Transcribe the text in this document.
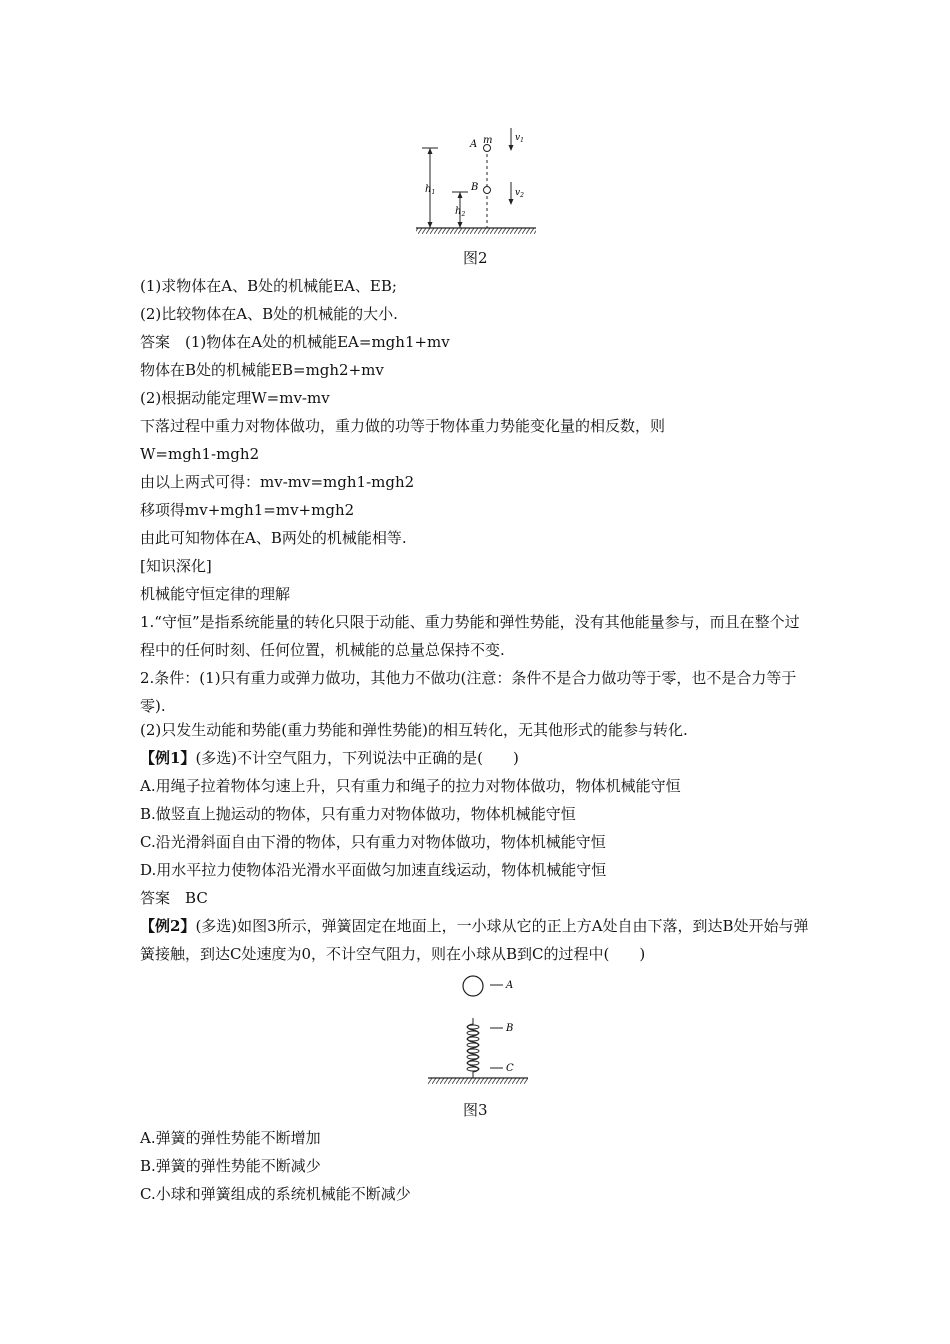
$h_1$
$h_2$
A m
B
$v_1$
$v_2$
图2
(1)求物体在A、B处的机械能EA、EB;
(2)比较物体在A、B处的机械能的大小.
答案　 (1)物体在A处的机械能EA=mgh1+mv
物体在B处的机械能EB=mgh2+mv
(2)根据动能定理W=mv-mv
下落过程中重力对物体做功，重力做的功等于物体重力势能变化量的相反数，则
W=mgh1-mgh2
由以上两式可得：mv-mv=mgh1-mgh2
移项得mv+mgh1=mv+mgh2
由此可知物体在A、B两处的机械能相等.
[知识深化]
机械能守恒定律的理解
1.“守恒”是指系统能量的转化只限于动能、重力势能和弹性势能，没有其他能量参与，而且在整个过程中的任何时刻、任何位置，机械能的总量总保持不变.
2.条件：(1)只有重力或弹力做功，其他力不做功(注意：条件不是合力做功等于零，也不是合力等于零).
(2)只发生动能和势能(重力势能和弹性势能)的相互转化，无其他形式的能参与转化.
【例1】(多选)不计空气阻力，下列说法中正确的是(　　)
A.用绳子拉着物体匀速上升，只有重力和绳子的拉力对物体做功，物体机械能守恒
B.做竖直上抛运动的物体，只有重力对物体做功，物体机械能守恒
C.沿光滑斜面自由下滑的物体，只有重力对物体做功，物体机械能守恒
D.用水平拉力使物体沿光滑水平面做匀加速直线运动，物体机械能守恒
答案　 BC
【例2】(多选)如图3所示，弹簧固定在地面上，一小球从它的正上方A处自由下落，到达B处开始与弹簧接触，到达C处速度为0，不计空气阻力，则在小球从B到C的过程中(　　)
A
B
C
图3
A.弹簧的弹性势能不断增加
B.弹簧的弹性势能不断减少
C.小球和弹簧组成的系统机械能不断减少
